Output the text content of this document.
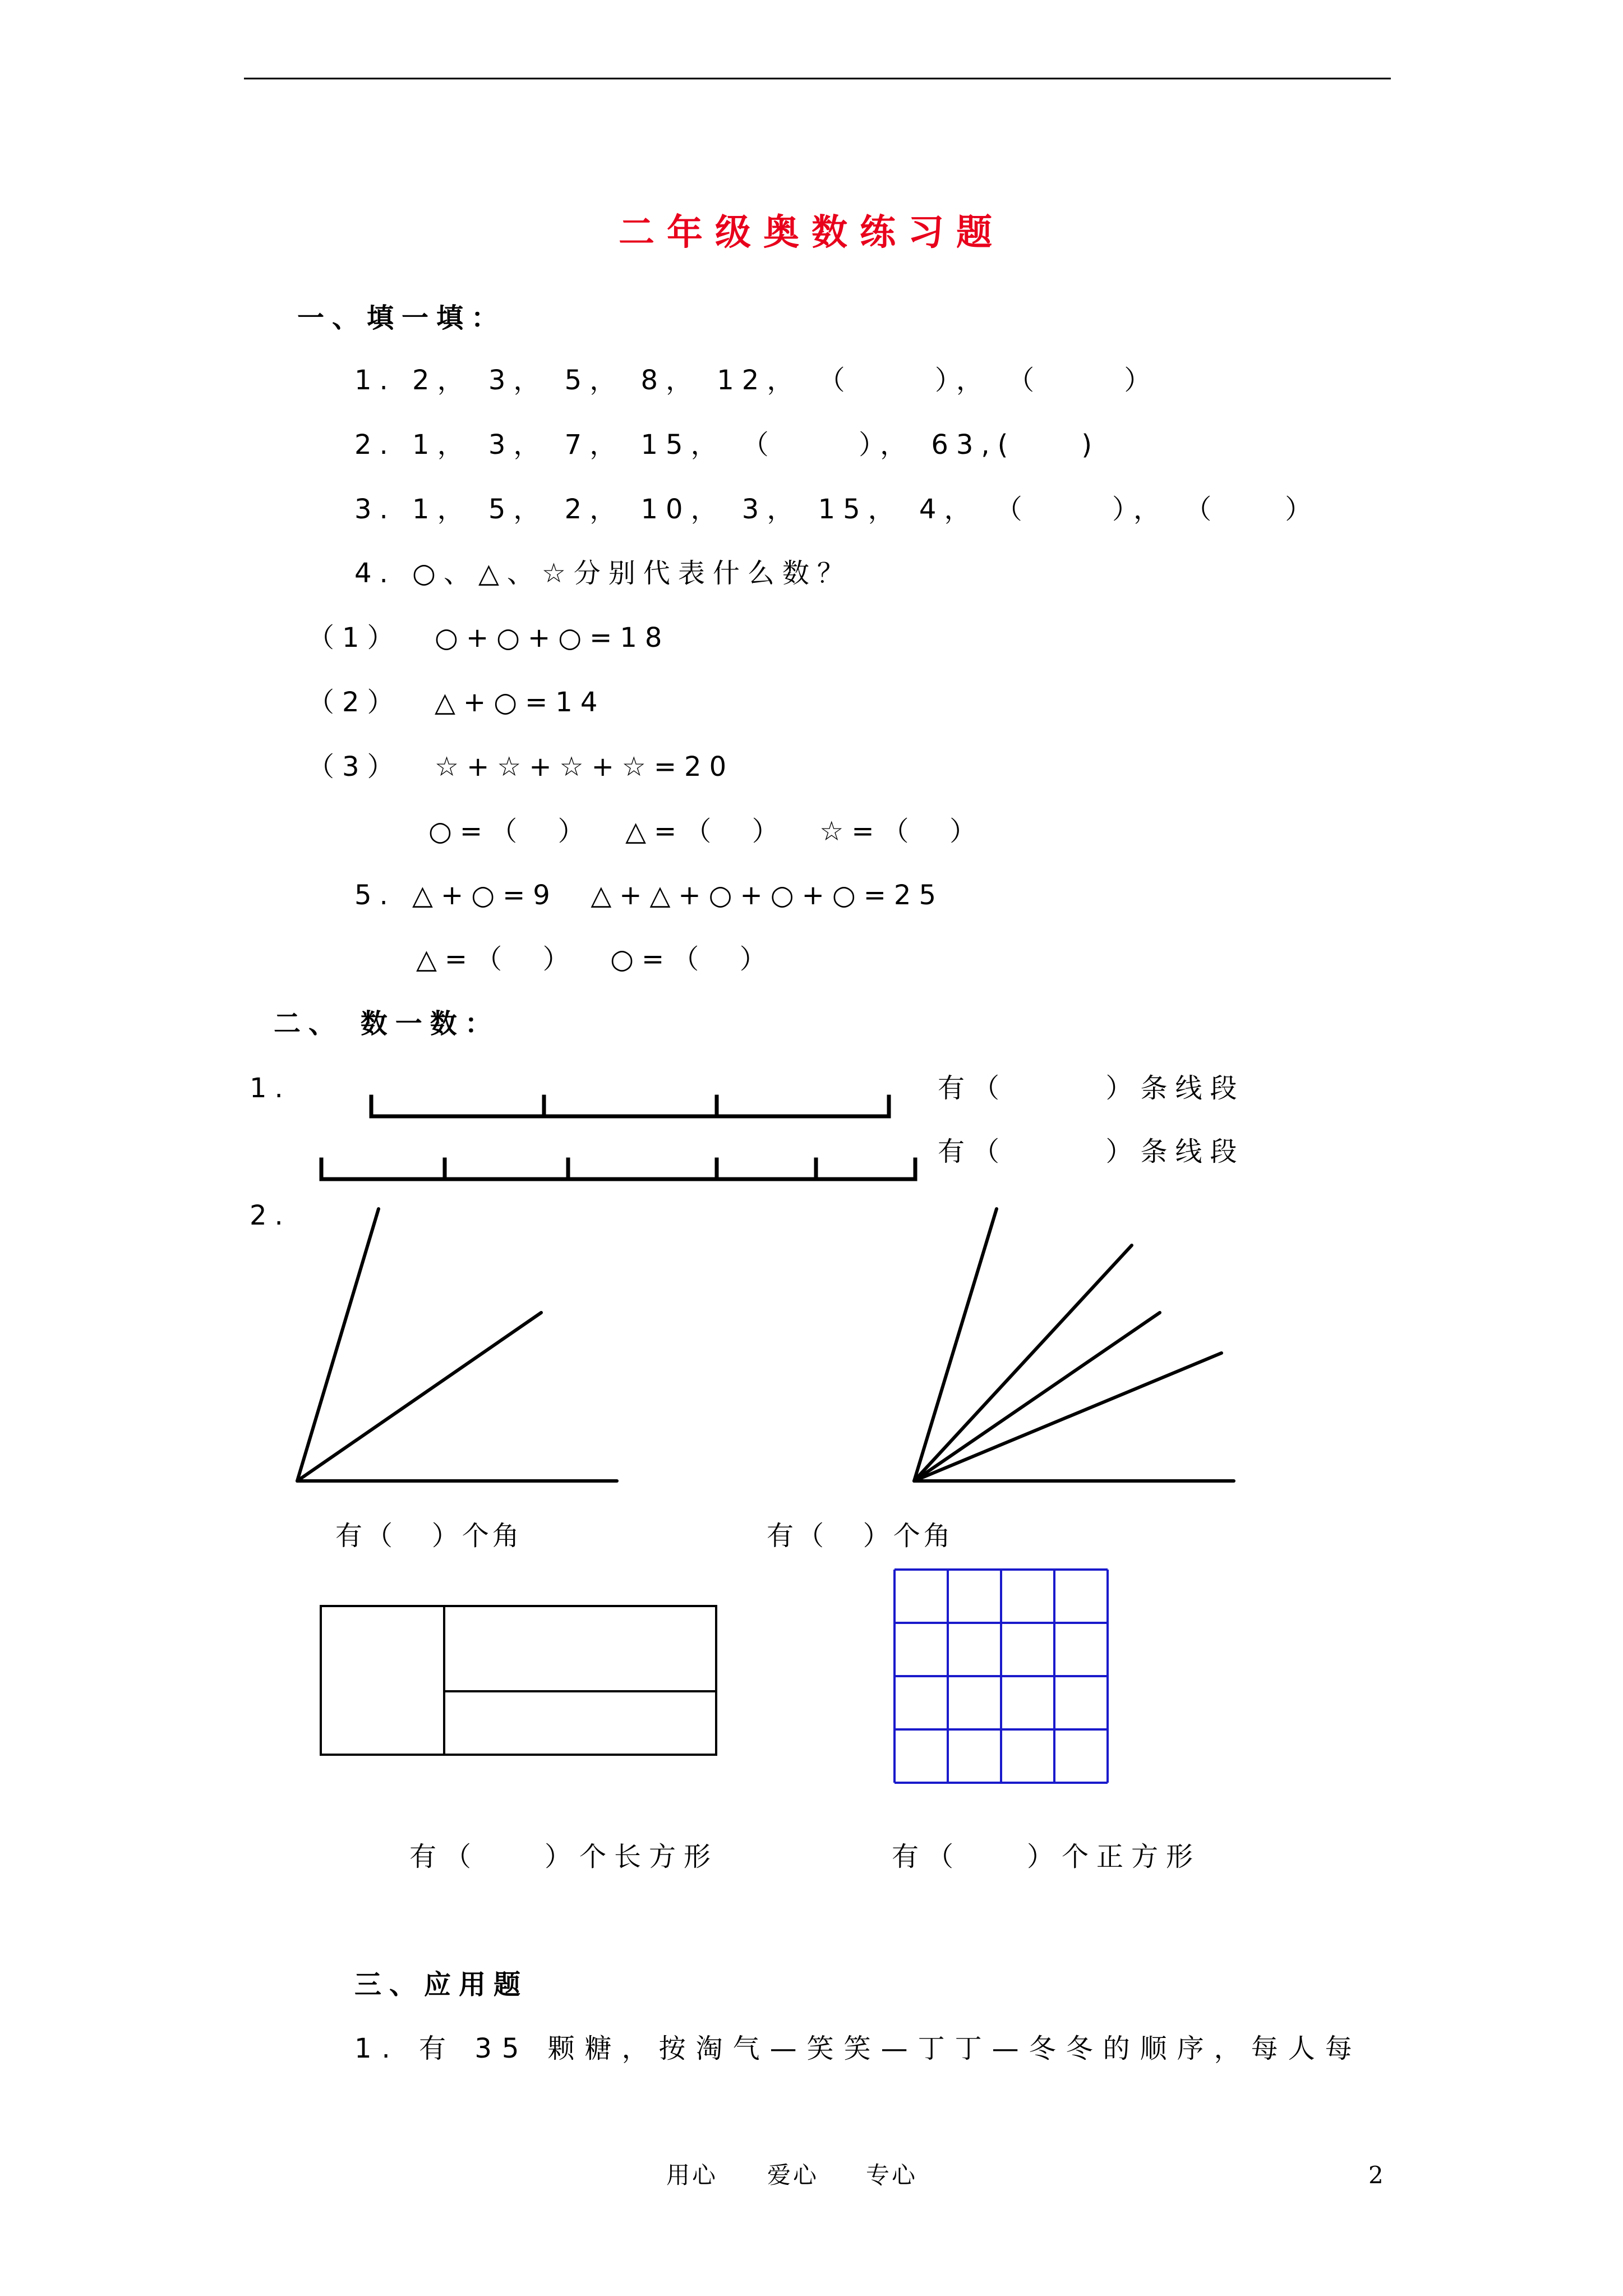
二年级奥数练习题
一、填一填：
1. 2， 3， 5， 8， 12， （     ）， （     ）
2. 1， 3， 7， 15， （     ）， 63,(    )
3. 1， 5， 2， 10， 3， 15， 4， （     ）， （    ）
4. ○、△、☆分别代表什么数？
（1）  ○+○+○=18
（2）  △+○=14
（3）  ☆+☆+☆+☆=20
○=（  ）  △=（  ）  ☆=（  ）
5. △+○=9  △+△+○+○+○=25
△=（  ）  ○=（  ）
二、 数一数：
1.	有（      ）条线段
有（      ）条线段
2.
有（   ）个角	有（   ）个角
有（    ）个长方形	有（    ）个正方形
三、应用题
1. 有 35 颗糖，按淘气—笑笑—丁丁—冬冬的顺序，每人每
用心 爱心 专心	2
